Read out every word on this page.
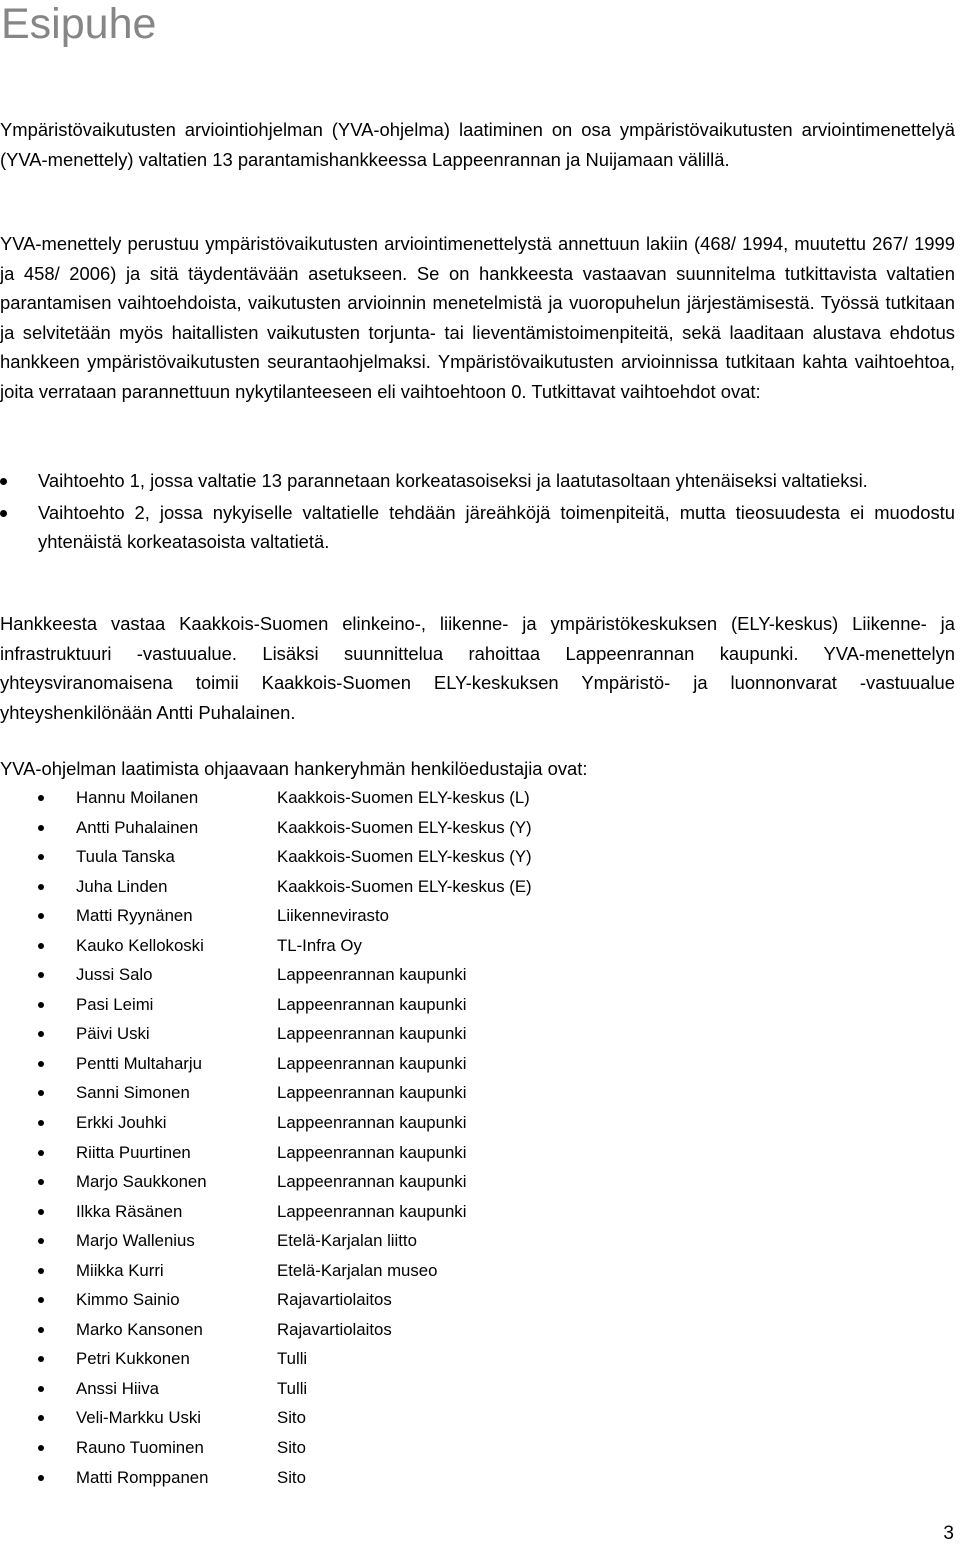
Esipuhe

Ympäristövaikutusten arviointiohjelman (YVA-ohjelma) laatiminen on osa ympäristövaikutusten arviointimenettelyä (YVA-menettely) valtatien 13 parantamishankkeessa Lappeenrannan ja Nuijamaan välillä.

YVA-menettely perustuu ympäristövaikutusten arviointimenettelystä annettuun lakiin (468/ 1994, muutettu 267/ 1999 ja 458/ 2006) ja sitä täydentävään asetukseen. Se on hankkeesta vastaavan suunnitelma tutkittavista valtatien parantamisen vaihtoehdoista, vaikutusten arvioinnin menetelmistä ja vuoropuhelun järjestämisestä. Työssä tutkitaan ja selvitetään myös haitallisten vaikutusten torjunta- tai lieventämistoimenpiteitä, sekä laaditaan alustava ehdotus hankkeen ympäristövaikutusten seurantaohjelmaksi. Ympäristövaikutusten arvioinnissa tutkitaan kahta vaihtoehtoa, joita verrataan parannettuun nykytilanteeseen eli vaihtoehtoon 0. Tutkittavat vaihtoehdot ovat:

Vaihtoehto 1, jossa valtatie 13 parannetaan korkeatasoiseksi ja laatutasoltaan yhtenäiseksi valtatieksi.
Vaihtoehto 2, jossa nykyiselle valtatielle tehdään järeähköjä toimenpiteitä, mutta tieosuudesta ei muodostu yhtenäistä korkeatasoista valtatietä.

Hankkeesta vastaa Kaakkois-Suomen elinkeino-, liikenne- ja ympäristökeskuksen (ELY-keskus) Liikenne- ja infrastruktuuri -vastuualue. Lisäksi suunnittelua rahoittaa Lappeenrannan kaupunki. YVA-menettelyn yhteysviranomaisena toimii Kaakkois-Suomen ELY-keskuksen Ympäristö- ja luonnonvarat -vastuualue yhteyshenkilönään Antti Puhalainen.

YVA-ohjelman laatimista ohjaavaan hankeryhmän henkilöedustajia ovat:

Hannu Moilanen	Kaakkois-Suomen ELY-keskus (L)
Antti Puhalainen	Kaakkois-Suomen ELY-keskus (Y)
Tuula Tanska	Kaakkois-Suomen ELY-keskus (Y)
Juha Linden	Kaakkois-Suomen ELY-keskus (E)
Matti Ryynänen	Liikennevirasto
Kauko Kellokoski	TL-Infra Oy
Jussi Salo	Lappeenrannan kaupunki
Pasi Leimi	Lappeenrannan kaupunki
Päivi Uski	Lappeenrannan kaupunki
Pentti Multaharju	Lappeenrannan kaupunki
Sanni Simonen	Lappeenrannan kaupunki
Erkki Jouhki	Lappeenrannan kaupunki
Riitta Puurtinen	Lappeenrannan kaupunki
Marjo Saukkonen	Lappeenrannan kaupunki
Ilkka Räsänen	Lappeenrannan kaupunki
Marjo Wallenius	Etelä-Karjalan liitto
Miikka Kurri	Etelä-Karjalan museo
Kimmo Sainio	Rajavartiolaitos
Marko Kansonen	Rajavartiolaitos
Petri Kukkonen	Tulli
Anssi Hiiva	Tulli
Veli-Markku Uski	Sito
Rauno Tuominen	Sito
Matti Romppanen	Sito
3
